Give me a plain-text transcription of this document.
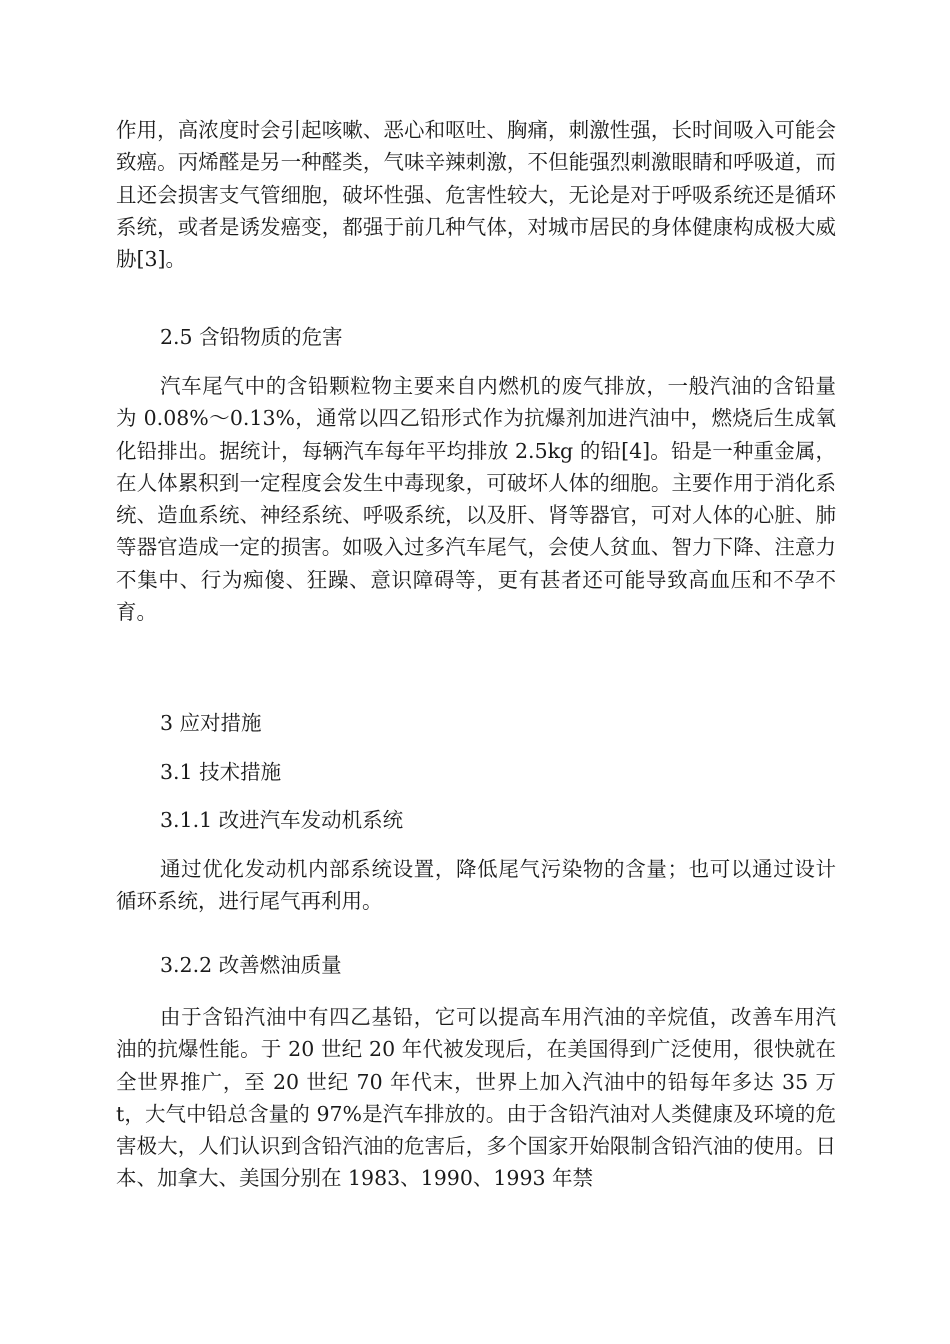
作用，高浓度时会引起咳嗽、恶心和呕吐、胸痛，刺激性强，长时间吸入可能会致癌。丙烯醛是另一种醛类，气味辛辣刺激，不但能强烈刺激眼睛和呼吸道，而且还会损害支气管细胞，破坏性强、危害性较大，无论是对于呼吸系统还是循环系统，或者是诱发癌变，都强于前几种气体，对城市居民的身体健康构成极大威胁[3]。

2.5 含铅物质的危害

汽车尾气中的含铅颗粒物主要来自内燃机的废气排放，一般汽油的含铅量为 0.08%～0.13%，通常以四乙铅形式作为抗爆剂加进汽油中，燃烧后生成氧化铅排出。据统计，每辆汽车每年平均排放 2.5kg 的铅[4]。铅是一种重金属，在人体累积到一定程度会发生中毒现象，可破坏人体的细胞。主要作用于消化系统、造血系统、神经系统、呼吸系统，以及肝、肾等器官，可对人体的心脏、肺等器官造成一定的损害。如吸入过多汽车尾气，会使人贫血、智力下降、注意力不集中、行为痴傻、狂躁、意识障碍等，更有甚者还可能导致高血压和不孕不育。

3 应对措施

3.1 技术措施

3.1.1 改进汽车发动机系统

通过优化发动机内部系统设置，降低尾气污染物的含量；也可以通过设计循环系统，进行尾气再利用。

3.2.2 改善燃油质量

由于含铅汽油中有四乙基铅，它可以提高车用汽油的辛烷值，改善车用汽油的抗爆性能。于 20 世纪 20 年代被发现后，在美国得到广泛使用，很快就在全世界推广，至 20 世纪 70 年代末，世界上加入汽油中的铅每年多达 35 万 t，大气中铅总含量的 97%是汽车排放的。由于含铅汽油对人类健康及环境的危害极大，人们认识到含铅汽油的危害后，多个国家开始限制含铅汽油的使用。日本、加拿大、美国分别在 1983、1990、1993 年禁
